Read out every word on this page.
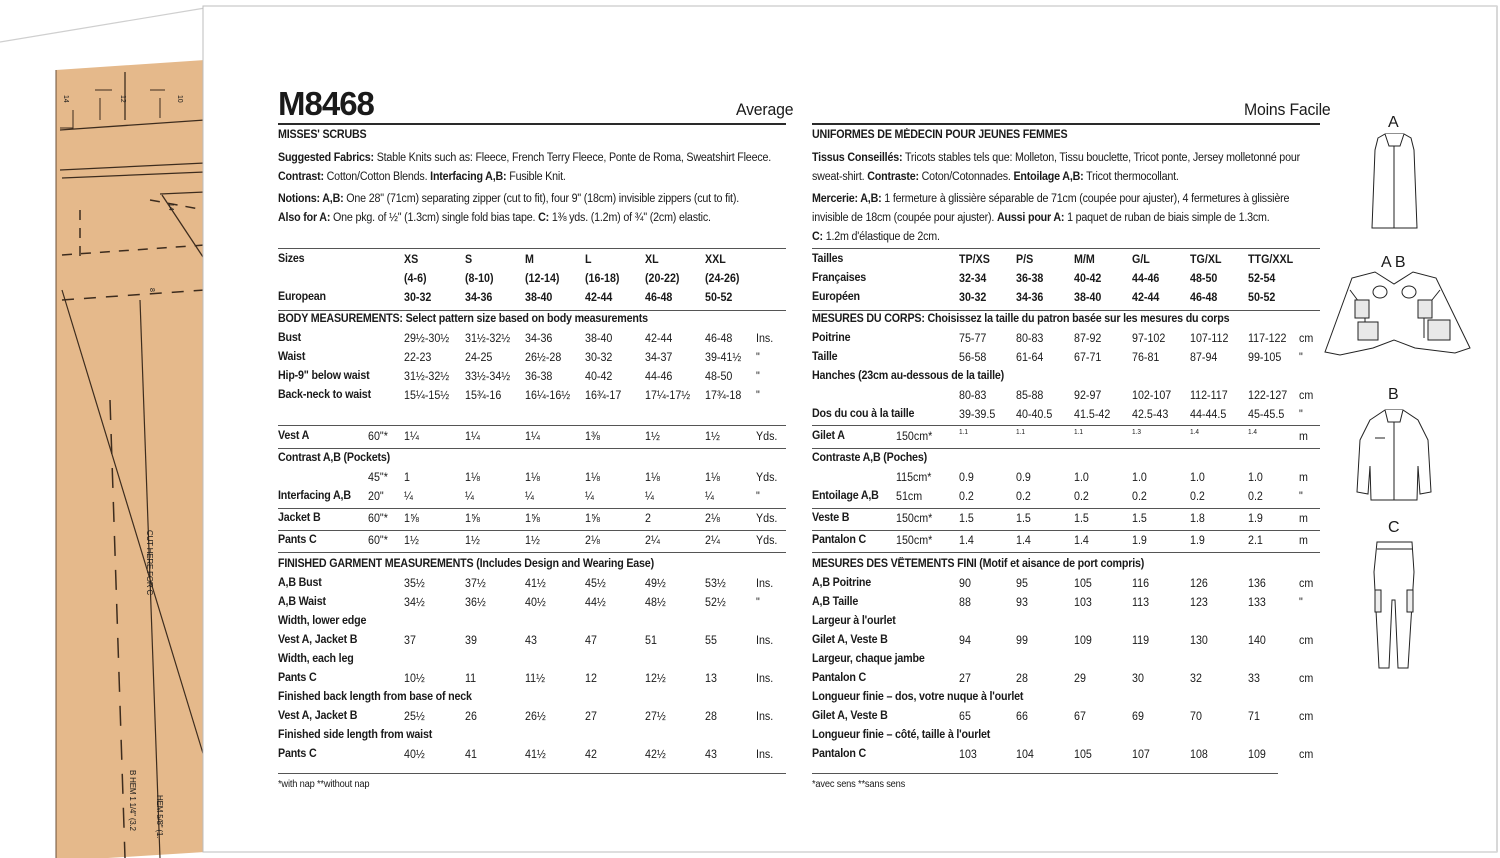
14	12	10
14
8
CUT HERE FOR C
B HEM 1 1/4" (3.2 HEM 5/8" (1.
M8468	Average	Moins Facile
MISSES' SCRUBS
Suggested Fabrics: Stable Knits such as: Fleece, French Terry Fleece, Ponte de Roma, Sweatshirt Fleece.
Contrast: Cotton/Cotton Blends. Interfacing A,B: Fusible Knit.
Notions: A,B: One 28" (71cm) separating zipper (cut to fit), four 9" (18cm) invisible zippers (cut to fit).
Also for A: One pkg. of ½" (1.3cm) single fold bias tape. C: 1⅜ yds. (1.2m) of ¾" (2cm) elastic.
Sizes	XS	S	M	L	XL	XXL
(4-6)	(8-10)	(12-14) (16-18) (20-22) (24-26)
European	30-32	34-36	38-40	42-44	46-48	50-52
BODY MEASUREMENTS: Select pattern size based on body measurements
Bust	29½-30½ 31½-32½ 34-36	38-40	42-44	46-48 Ins.
Waist	22-23	24-25	26½-28 30-32	34-37	39-41½ "
Hip-9" below waist	31½-32½ 33½-34½ 36-38	40-42	44-46	48-50 "
Back-neck to waist	15¼-15½ 15¾-16 16¼-16½ 16¾-17 17¼-17½ 17¾-18 "
Vest A	60"* 1¼	1¼	1¼	1⅜	1½	1½	Yds.
Contrast A,B (Pockets)
45"* 1	1⅛	1⅛	1⅛	1⅛	1⅛	Yds.
Interfacing A,B 20" ¼	¼	¼	¼	¼	¼	"
Jacket B	60"* 1⅝	1⅝	1⅝	1⅝	2	2⅛	Yds.
Pants C	60"* 1½	1½	1½	2⅛	2¼	2¼	Yds.
FINISHED GARMENT MEASUREMENTS (Includes Design and Wearing Ease)
A,B Bust	35½	37½	41½	45½	49½	53½	Ins.
A,B Waist	34½	36½	40½	44½	48½	52½	"
Width, lower edge
Vest A, Jacket B	37	39	43	47	51	55	Ins.
Width, each leg
Pants C	10½	11	11½	12	12½	13	Ins.
Finished back length from base of neck
Vest A, Jacket B	25½	26	26½	27	27½	28	Ins.
Finished side length from waist
Pants C	40½	41	41½	42	42½	43	Ins.
*with nap **without nap
UNIFORMES DE MÉDECIN POUR JEUNES FEMMES
Tissus Conseillés: Tricots stables tels que: Molleton, Tissu bouclette, Tricot ponte, Jersey molletonné pour
sweat-shirt. Contraste: Coton/Cotonnades. Entoilage A,B: Tricot thermocollant.
Mercerie: A,B: 1 fermeture à glissière séparable de 71cm (coupée pour ajuster), 4 fermetures à glissière
invisible de 18cm (coupée pour ajuster). Aussi pour A: 1 paquet de ruban de biais simple de 1.3cm.
C: 1.2m d'élastique de 2cm.
Tailles	TP/XS P/S	M/M	G/L	TG/XL TTG/XXL
Françaises	32-34	36-38	40-42	44-46	48-50	52-54
Européen	30-32	34-36	38-40	42-44	46-48	50-52
MESURES DU CORPS: Choisissez la taille du patron basée sur les mesures du corps
Poitrine	75-77	80-83	87-92	97-102 107-112 117-122 cm
Taille	56-58	61-64	67-71	76-81	87-94	99-105 "
Hanches (23cm au-dessous de la taille)
80-83	85-88	92-97	102-107 112-117 122-127 cm
Dos du cou à la taille	39-39.5 40-40.5 41.5-42 42.5-43 44-44.5 45-45.5 "
Gilet A	150cm*	1.1	1.1	1.1	1.3	1.4	1.4	m
Contraste A,B (Poches)
115cm* 0.9	0.9	1.0	1.0	1.0	1.0	m
Entoilage A,B 51cm	0.2	0.2	0.2	0.2	0.2	0.2	"
Veste B	150cm* 1.5	1.5	1.5	1.5	1.8	1.9	m
Pantalon C	150cm* 1.4	1.4	1.4	1.9	1.9	2.1	m
MESURES DES VÊTEMENTS FINI (Motif et aisance de port compris)
A,B Poitrine	90	95	105	116	126	136	cm
A,B Taille	88	93	103	113	123	133	"
Largeur à l'ourlet
Gilet A, Veste B	94	99	109	119	130	140	cm
Largeur, chaque jambe
Pantalon C	27	28	29	30	32	33	cm
Longueur finie – dos, votre nuque à l'ourlet
Gilet A, Veste B	65	66	67	69	70	71	cm
Longueur finie – côté, taille à l'ourlet
Pantalon C	103	104	105	107	108	109	cm
*avec sens **sans sens
A
A B
B
C
